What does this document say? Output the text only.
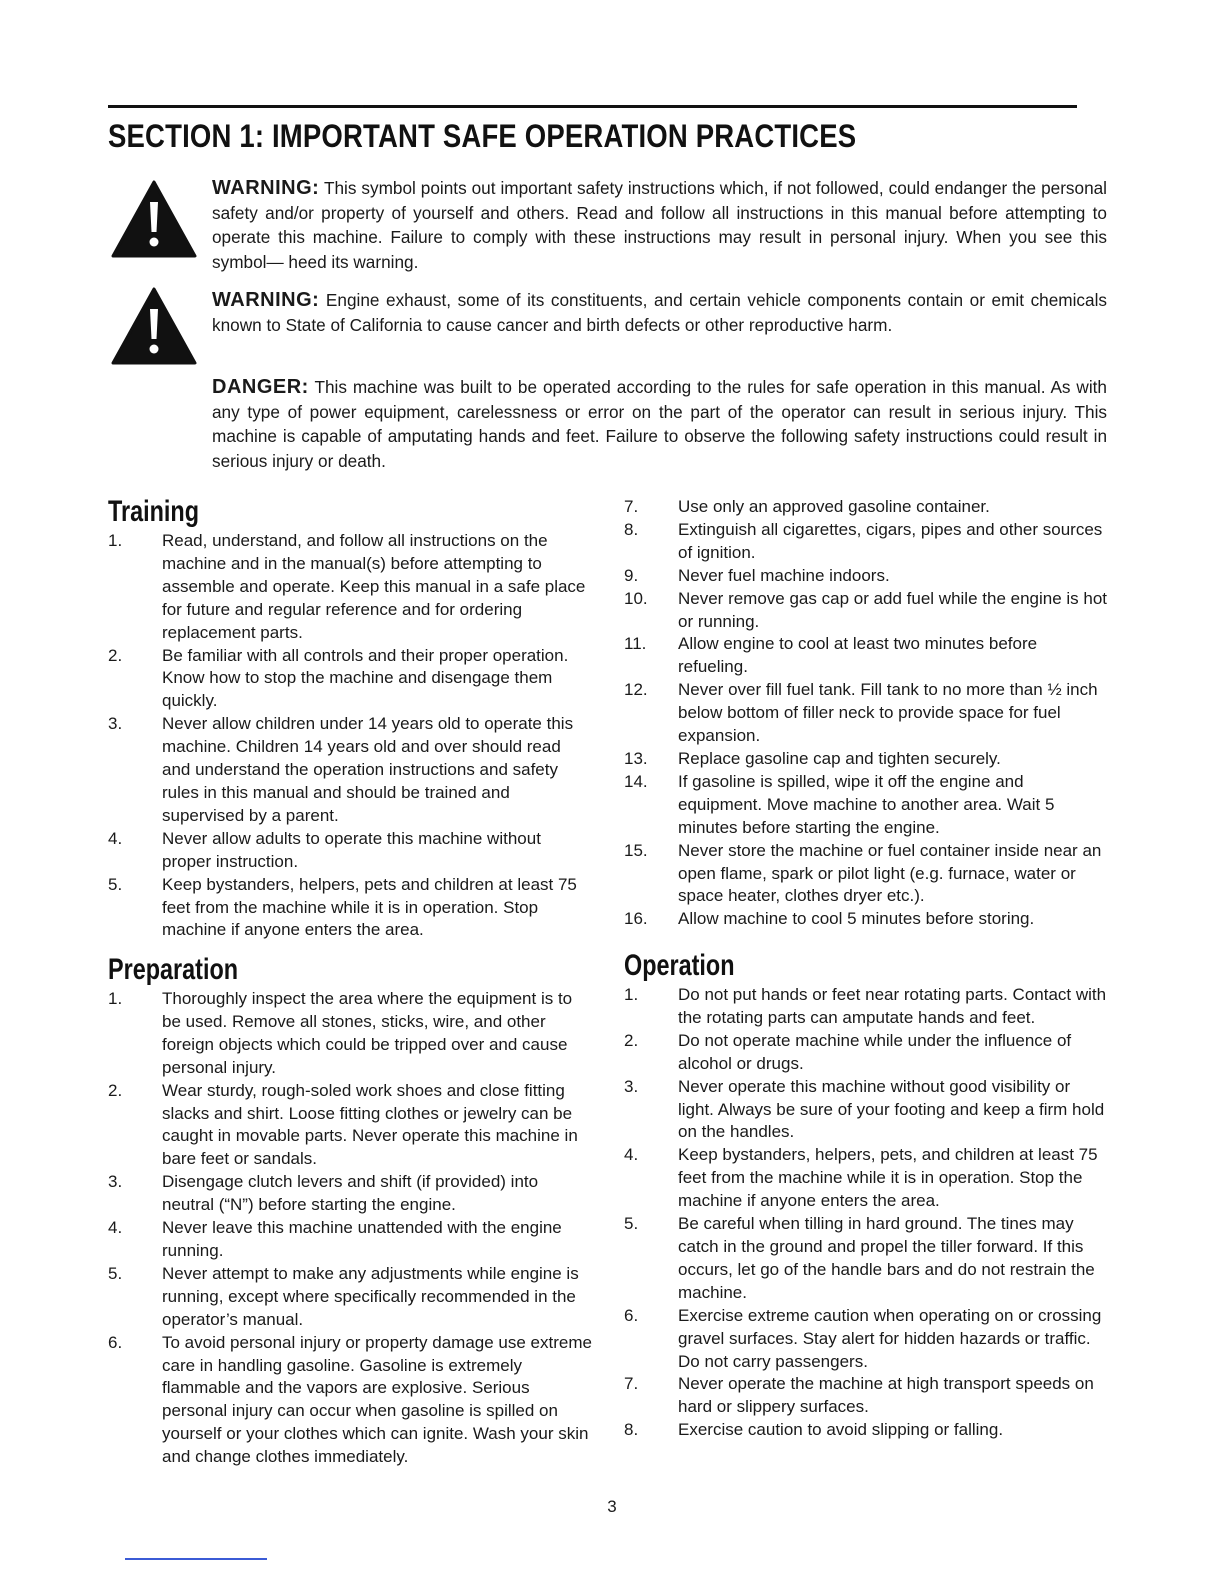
SECTION 1: IMPORTANT SAFE OPERATION PRACTICES
WARNING: This symbol points out important safety instructions which, if not followed, could endanger the personal safety and/or property of yourself and others. Read and follow all instructions in this manual before attempting to operate this machine. Failure to comply with these instructions may result in personal injury. When you see this symbol— heed its warning.
WARNING: Engine exhaust, some of its constituents, and certain vehicle components contain or emit chemicals known to State of California to cause cancer and birth defects or other reproductive harm.
DANGER: This machine was built to be operated according to the rules for safe operation in this manual. As with any type of power equipment, carelessness or error on the part of the operator can result in serious injury. This machine is capable of amputating hands and feet. Failure to observe the following safety instructions could result in serious injury or death.
Training
1. Read, understand, and follow all instructions on the machine and in the manual(s) before attempting to assemble and operate. Keep this manual in a safe place for future and regular reference and for ordering replacement parts.
2. Be familiar with all controls and their proper operation. Know how to stop the machine and disengage them quickly.
3. Never allow children under 14 years old to operate this machine. Children 14 years old and over should read and understand the operation instructions and safety rules in this manual and should be trained and supervised by a parent.
4. Never allow adults to operate this machine without proper instruction.
5. Keep bystanders, helpers, pets and children at least 75 feet from the machine while it is in operation. Stop machine if anyone enters the area.
Preparation
1. Thoroughly inspect the area where the equipment is to be used. Remove all stones, sticks, wire, and other foreign objects which could be tripped over and cause personal injury.
2. Wear sturdy, rough-soled work shoes and close fitting slacks and shirt. Loose fitting clothes or jewelry can be caught in movable parts. Never operate this machine in bare feet or sandals.
3. Disengage clutch levers and shift (if provided) into neutral (“N”) before starting the engine.
4. Never leave this machine unattended with the engine running.
5. Never attempt to make any adjustments while engine is running, except where specifically recommended in the operator’s manual.
6. To avoid personal injury or property damage use extreme care in handling gasoline. Gasoline is extremely flammable and the vapors are explosive. Serious personal injury can occur when gasoline is spilled on yourself or your clothes which can ignite. Wash your skin and change clothes immediately.
7. Use only an approved gasoline container.
8. Extinguish all cigarettes, cigars, pipes and other sources of ignition.
9. Never fuel machine indoors.
10. Never remove gas cap or add fuel while the engine is hot or running.
11. Allow engine to cool at least two minutes before refueling.
12. Never over fill fuel tank. Fill tank to no more than ½ inch below bottom of filler neck to provide space for fuel expansion.
13. Replace gasoline cap and tighten securely.
14. If gasoline is spilled, wipe it off the engine and equipment. Move machine to another area. Wait 5 minutes before starting the engine.
15. Never store the machine or fuel container inside near an open flame, spark or pilot light (e.g. furnace, water or space heater, clothes dryer etc.).
16. Allow machine to cool 5 minutes before storing.
Operation
1. Do not put hands or feet near rotating parts. Contact with the rotating parts can amputate hands and feet.
2. Do not operate machine while under the influence of alcohol or drugs.
3. Never operate this machine without good visibility or light. Always be sure of your footing and keep a firm hold on the handles.
4. Keep bystanders, helpers, pets, and children at least 75 feet from the machine while it is in operation. Stop the machine if anyone enters the area.
5. Be careful when tilling in hard ground. The tines may catch in the ground and propel the tiller forward. If this occurs, let go of the handle bars and do not restrain the machine.
6. Exercise extreme caution when operating on or crossing gravel surfaces. Stay alert for hidden hazards or traffic. Do not carry passengers.
7. Never operate the machine at high transport speeds on hard or slippery surfaces.
8. Exercise caution to avoid slipping or falling.
3
